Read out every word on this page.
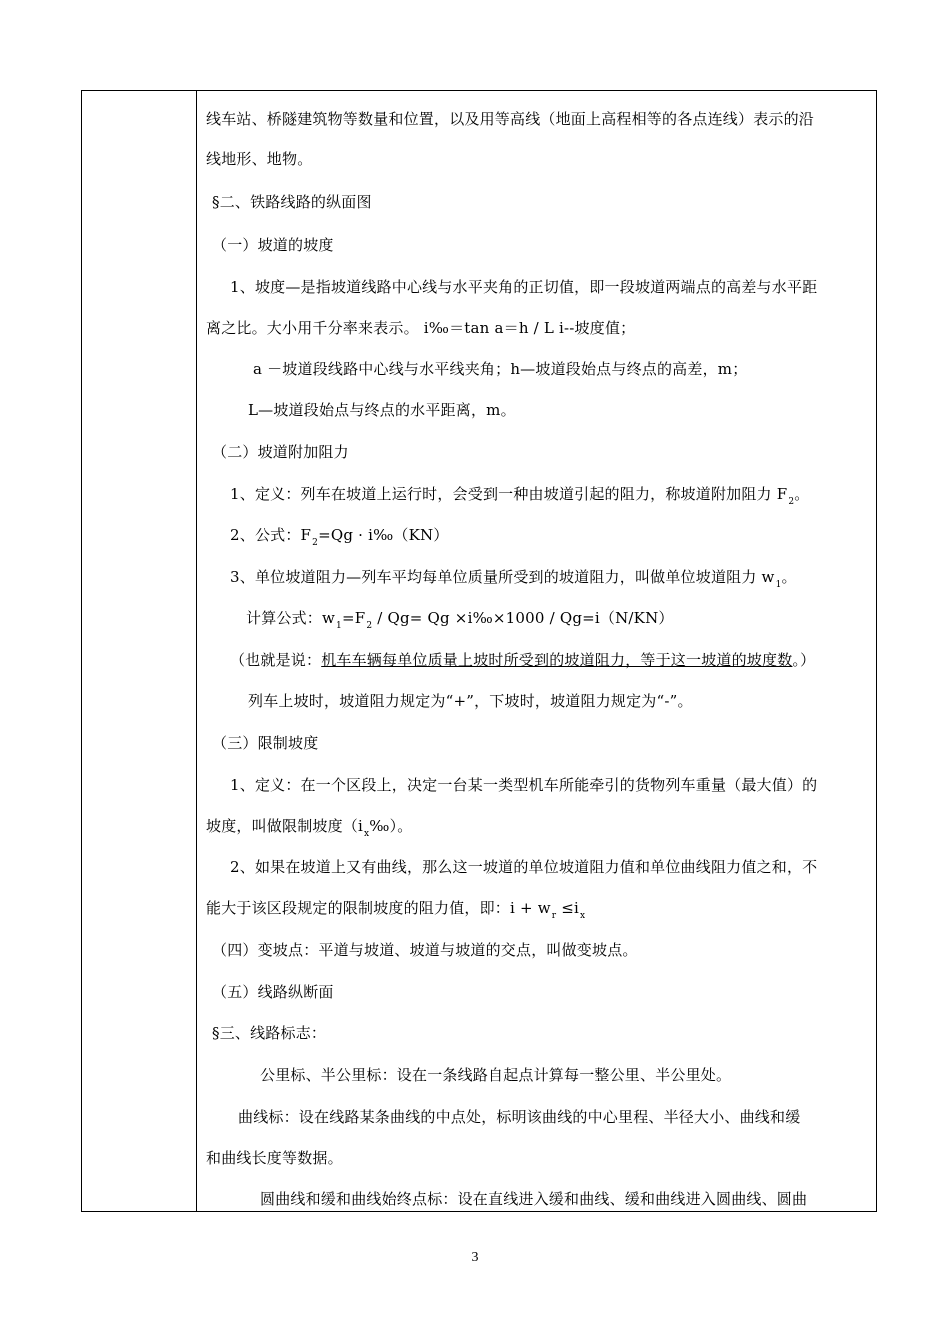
线车站、桥隧建筑物等数量和位置，以及用等高线（地面上高程相等的各点连线）表示的沿
线地形、地物。
§二、铁路线路的纵面图
（一）坡道的坡度
1、坡度—是指坡道线路中心线与水平夹角的正切值，即一段坡道两端点的高差与水平距
离之比。大小用千分率来表示。 i‰＝tan a＝h / L i--坡度值；
a －坡道段线路中心线与水平线夹角；h—坡道段始点与终点的高差，m；
L—坡道段始点与终点的水平距离，m。
（二）坡道附加阻力
1、定义：列车在坡道上运行时，会受到一种由坡道引起的阻力，称坡道附加阻力 $F_2$。
2、公式：$F_2=Qg$ · i‰（KN）
3、单位坡道阻力—列车平均每单位质量所受到的坡道阻力，叫做单位坡道阻力 $w_1$。
计算公式：$w_1=F_2 / Qg= Qg$ ×i‰×1000 / Qg=i（N/KN）
（也就是说：机车车辆每单位质量上坡时所受到的坡道阻力，等于这一坡道的坡度数。）
列车上坡时，坡道阻力规定为“+”，下坡时，坡道阻力规定为“-”。
（三）限制坡度
1、定义：在一个区段上，决定一台某一类型机车所能牵引的货物列车重量（最大值）的
坡度，叫做限制坡度$(i_x‰)$。
2、如果在坡道上又有曲线，那么这一坡道的单位坡道阻力值和单位曲线阻力值之和，不
能大于该区段规定的限制坡度的阻力值，即：$i + w_r \le i_x$
（四）变坡点：平道与坡道、坡道与坡道的交点，叫做变坡点。
（五）线路纵断面
§三、线路标志：
公里标、半公里标：设在一条线路自起点计算每一整公里、半公里处。
曲线标：设在线路某条曲线的中点处，标明该曲线的中心里程、半径大小、曲线和缓
和曲线长度等数据。
圆曲线和缓和曲线始终点标：设在直线进入缓和曲线、缓和曲线进入圆曲线、圆曲
3
